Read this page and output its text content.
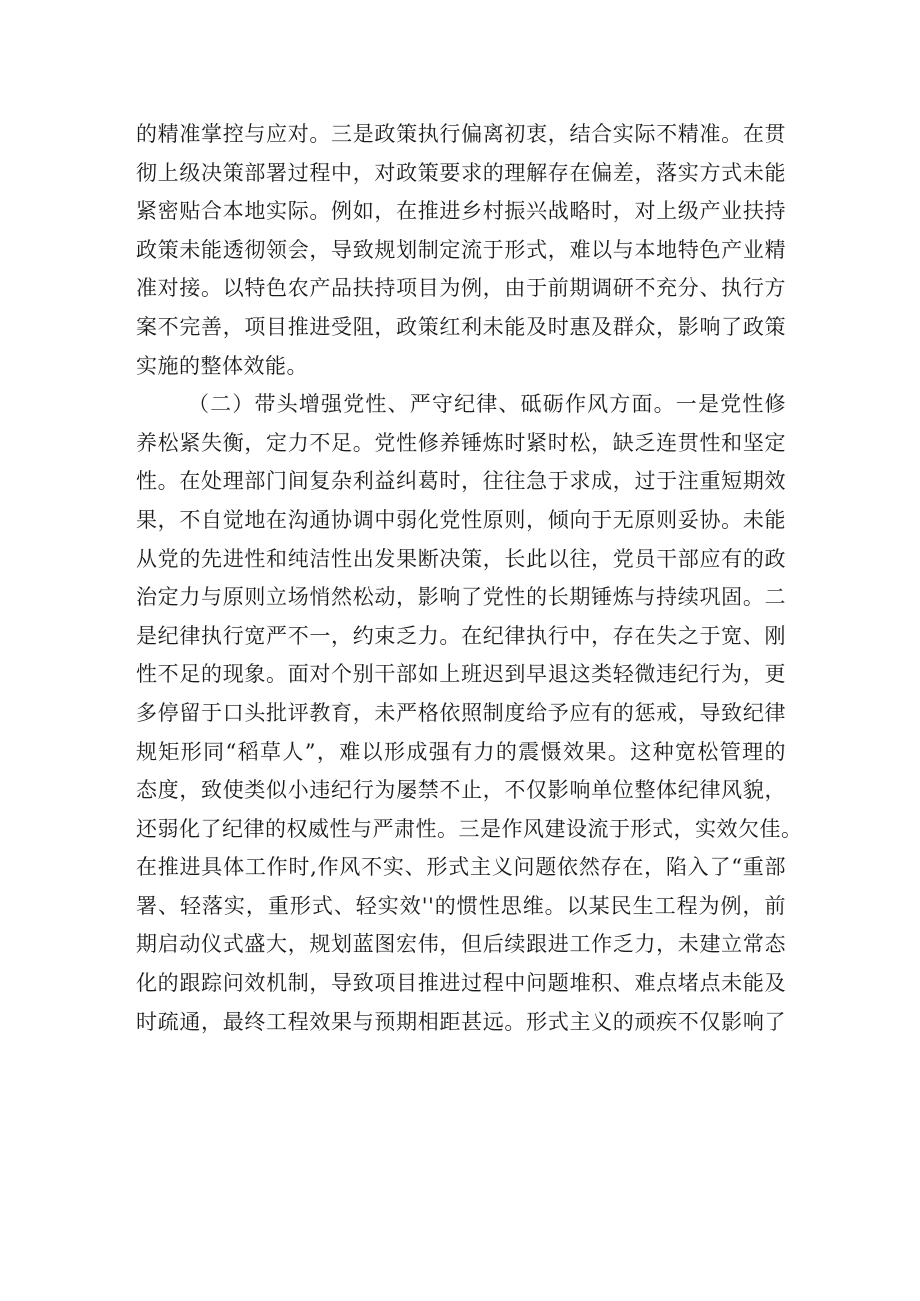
的精准掌控与应对。三是政策执行偏离初衷，结合实际不精准。在贯
彻上级决策部署过程中，对政策要求的理解存在偏差，落实方式未能
紧密贴合本地实际。例如，在推进乡村振兴战略时，对上级产业扶持
政策未能透彻领会，导致规划制定流于形式，难以与本地特色产业精
准对接。以特色农产品扶持项目为例，由于前期调研不充分、执行方
案不完善，项目推进受阻，政策红利未能及时惠及群众，影响了政策
实施的整体效能。
（二）带头增强党性、严守纪律、砥砺作风方面。一是党性修
养松紧失衡，定力不足。党性修养锤炼时紧时松，缺乏连贯性和坚定
性。在处理部门间复杂利益纠葛时，往往急于求成，过于注重短期效
果，不自觉地在沟通协调中弱化党性原则，倾向于无原则妥协。未能
从党的先进性和纯洁性出发果断决策，长此以往，党员干部应有的政
治定力与原则立场悄然松动，影响了党性的长期锤炼与持续巩固。二
是纪律执行宽严不一，约束乏力。在纪律执行中，存在失之于宽、刚
性不足的现象。面对个别干部如上班迟到早退这类轻微违纪行为，更
多停留于口头批评教育，未严格依照制度给予应有的惩戒，导致纪律
规矩形同“稻草人”，难以形成强有力的震慑效果。这种宽松管理的
态度，致使类似小违纪行为屡禁不止，不仅影响单位整体纪律风貌，
还弱化了纪律的权威性与严肃性。三是作风建设流于形式，实效欠佳。
在推进具体工作时,作风不实、形式主义问题依然存在，陷入了“重部
署、轻落实，重形式、轻实效''的惯性思维。以某民生工程为例，前
期启动仪式盛大，规划蓝图宏伟，但后续跟进工作乏力，未建立常态
化的跟踪问效机制，导致项目推进过程中问题堆积、难点堵点未能及
时疏通，最终工程效果与预期相距甚远。形式主义的顽疾不仅影响了
